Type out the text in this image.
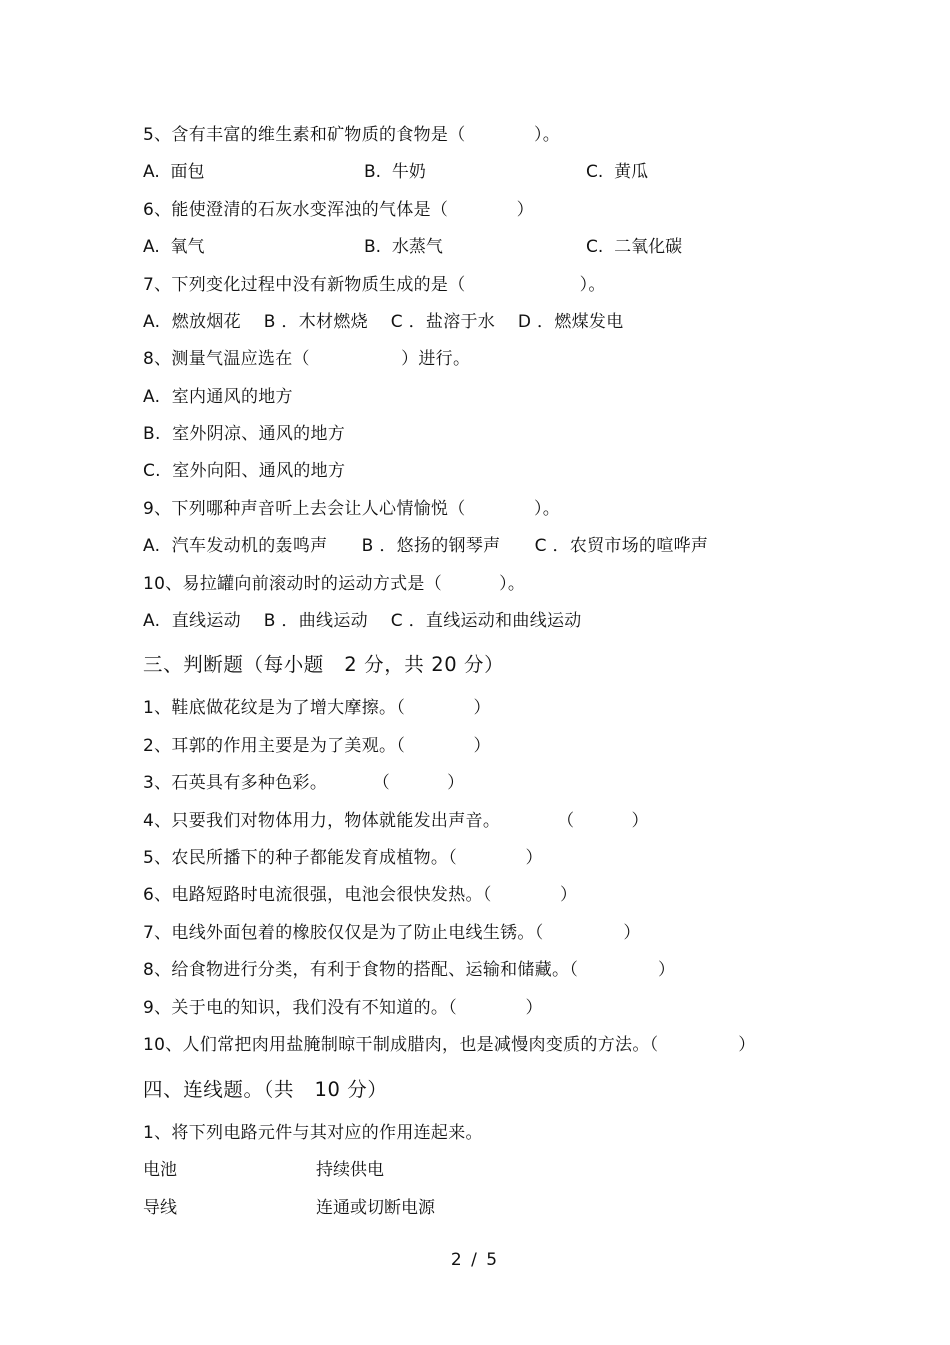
5、含有丰富的维生素和矿物质的食物是（            ）。
A.  面包	B.  牛奶	C.  黄瓜
6、能使澄清的石灰水变浑浊的气体是（            ）
A.  氧气	B.  水蒸气	C.  二氧化碳
7、下列变化过程中没有新物质生成的是（                    ）。
A.  燃放烟花    B ．木材燃烧    C ．盐溶于水    D ．燃煤发电
8、测量气温应选在（                ）进行。
A.  室内通风的地方
B.  室外阴凉、通风的地方
C.  室外向阳、通风的地方
9、下列哪种声音听上去会让人心情愉悦（            ）。
A.  汽车发动机的轰鸣声      B ．悠扬的钢琴声      C ．农贸市场的喧哗声
10、易拉罐向前滚动时的运动方式是（          ）。
A.  直线运动    B ．曲线运动    C ．直线运动和曲线运动
三、判断题（每小题   2 分，共 20 分）
1、鞋底做花纹是为了增大摩擦。（            ）
2、耳郭的作用主要是为了美观。（            ）
3、石英具有多种色彩。        （          ）
4、只要我们对物体用力，物体就能发出声音。          （          ）
5、农民所播下的种子都能发育成植物。（            ）
6、电路短路时电流很强，电池会很快发热。（            ）
7、电线外面包着的橡胶仅仅是为了防止电线生锈。（              ）
8、给食物进行分类，有利于食物的搭配、运输和储藏。（              ）
9、关于电的知识，我们没有不知道的。（            ）
10、人们常把肉用盐腌制晾干制成腊肉，也是减慢肉变质的方法。（              ）
四、连线题。（共   10 分）
1、将下列电路元件与其对应的作用连起来。
电池	持续供电
导线	连通或切断电源
2 / 5
